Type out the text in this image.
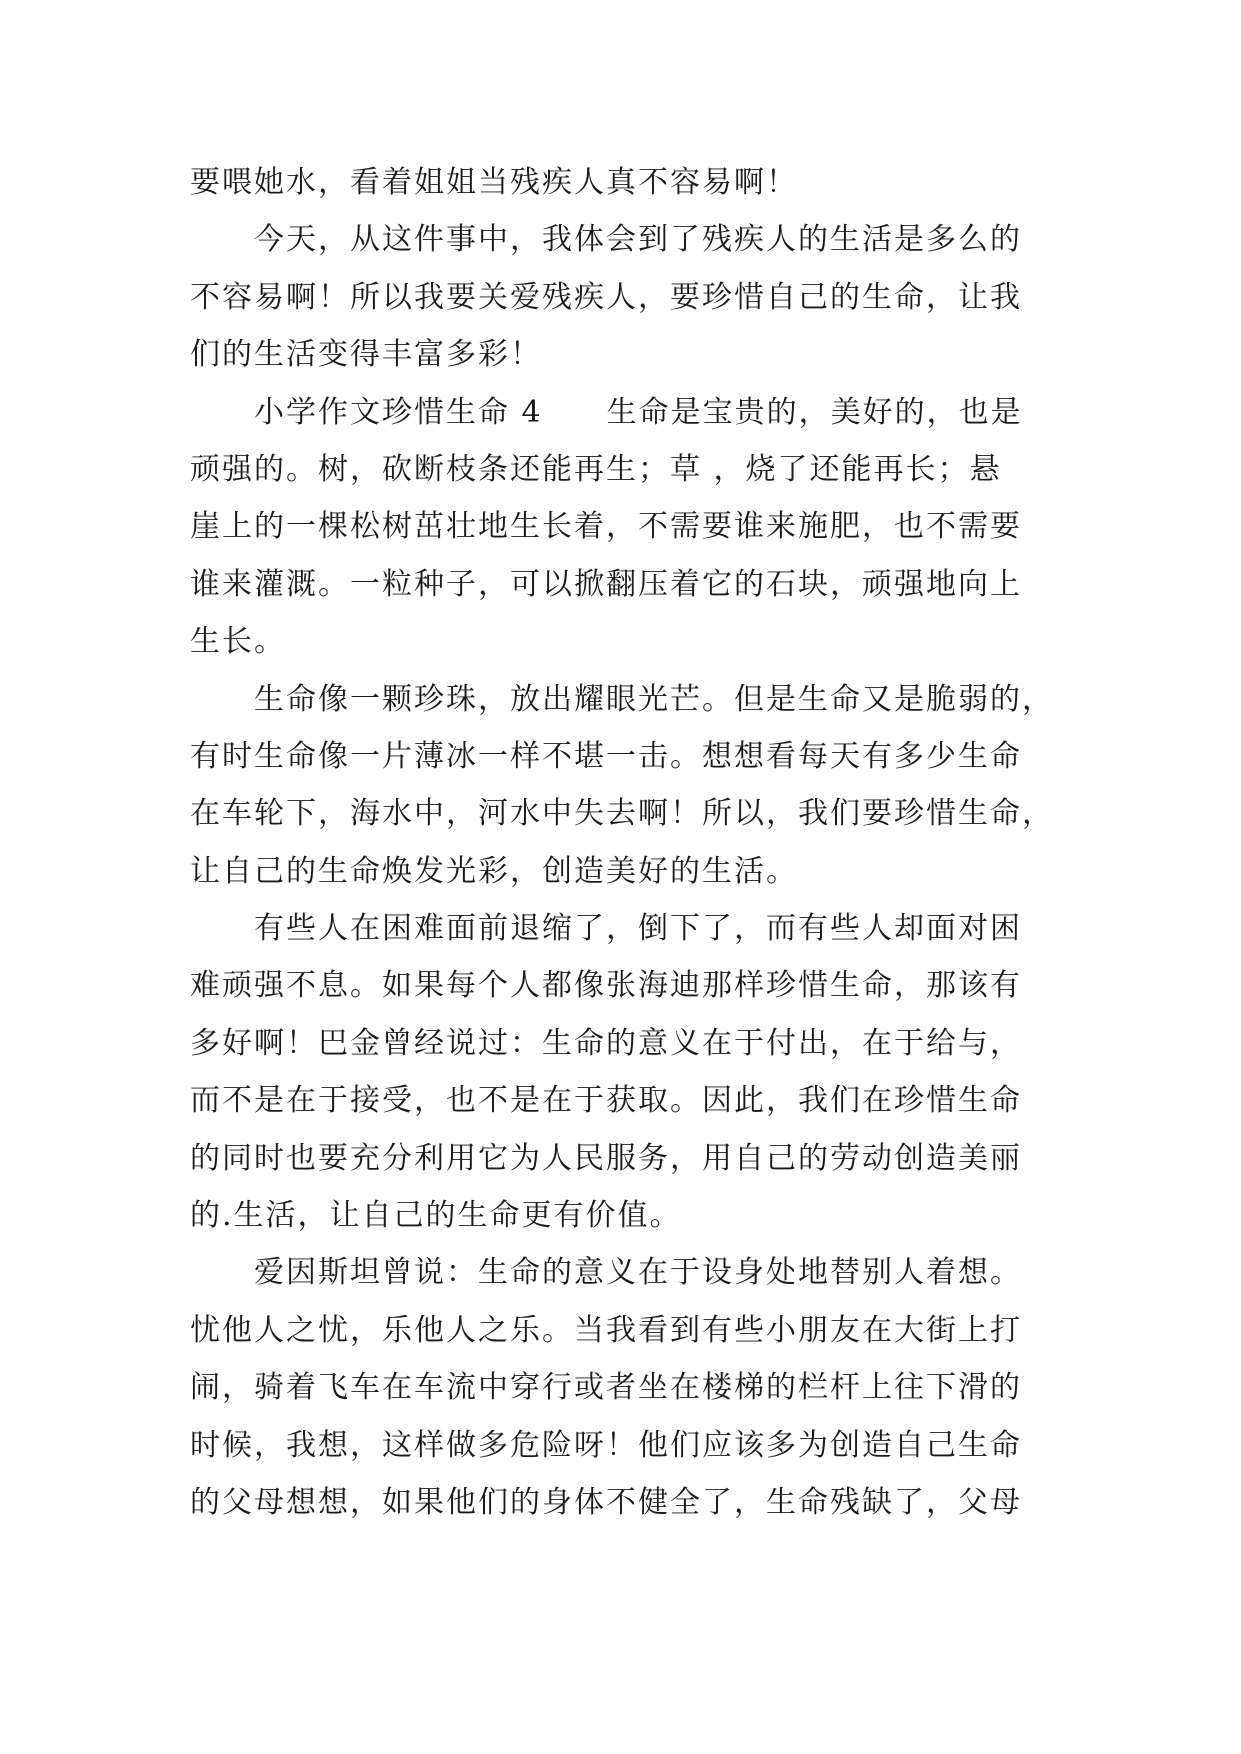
要喂她水，看着姐姐当残疾人真不容易啊！
今天，从这件事中，我体会到了残疾人的生活是多么的
不容易啊！所以我要关爱残疾人，要珍惜自己的生命，让我
们的生活变得丰富多彩！
小学作文珍惜生命 4　　生命是宝贵的，美好的，也是
顽强的。树，砍断枝条还能再生；草 ，烧了还能再长；悬
崖上的一棵松树茁壮地生长着，不需要谁来施肥，也不需要
谁来灌溉。一粒种子，可以掀翻压着它的石块，顽强地向上
生长。
生命像一颗珍珠，放出耀眼光芒。但是生命又是脆弱的，
有时生命像一片薄冰一样不堪一击。想想看每天有多少生命
在车轮下，海水中，河水中失去啊！所以，我们要珍惜生命，
让自己的生命焕发光彩，创造美好的生活。
有些人在困难面前退缩了，倒下了，而有些人却面对困
难顽强不息。如果每个人都像张海迪那样珍惜生命，那该有
多好啊！巴金曾经说过：生命的意义在于付出，在于给与，
而不是在于接受，也不是在于获取。因此，我们在珍惜生命
的同时也要充分利用它为人民服务，用自己的劳动创造美丽
的.生活，让自己的生命更有价值。
爱因斯坦曾说：生命的意义在于设身处地替别人着想。
忧他人之忧，乐他人之乐。当我看到有些小朋友在大街上打
闹，骑着飞车在车流中穿行或者坐在楼梯的栏杆上往下滑的
时候，我想，这样做多危险呀！他们应该多为创造自己生命
的父母想想，如果他们的身体不健全了，生命残缺了，父母
